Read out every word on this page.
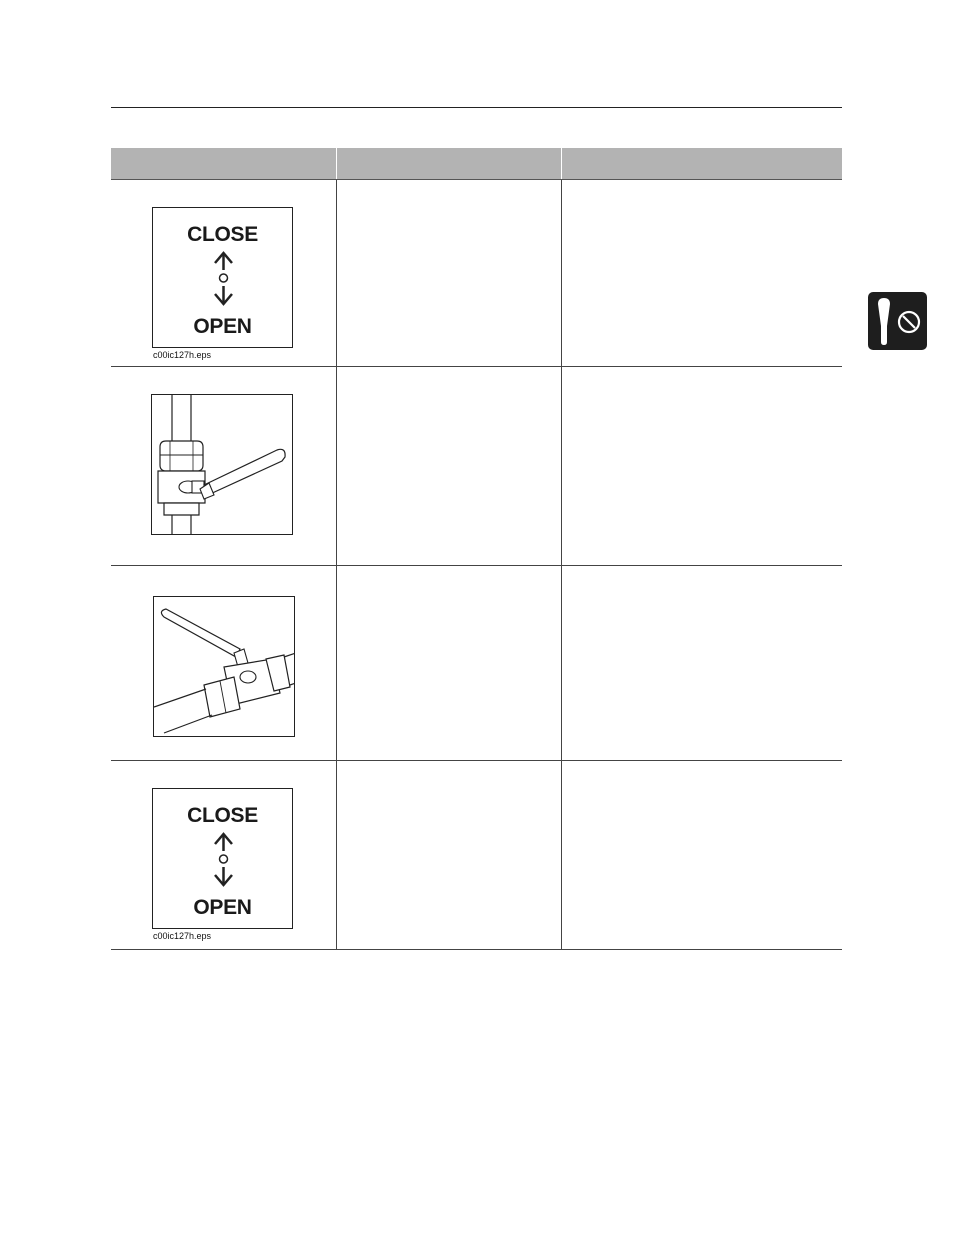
CLOSE
OPEN
c00ic127h.eps
CLOSE
OPEN
c00ic127h.eps
